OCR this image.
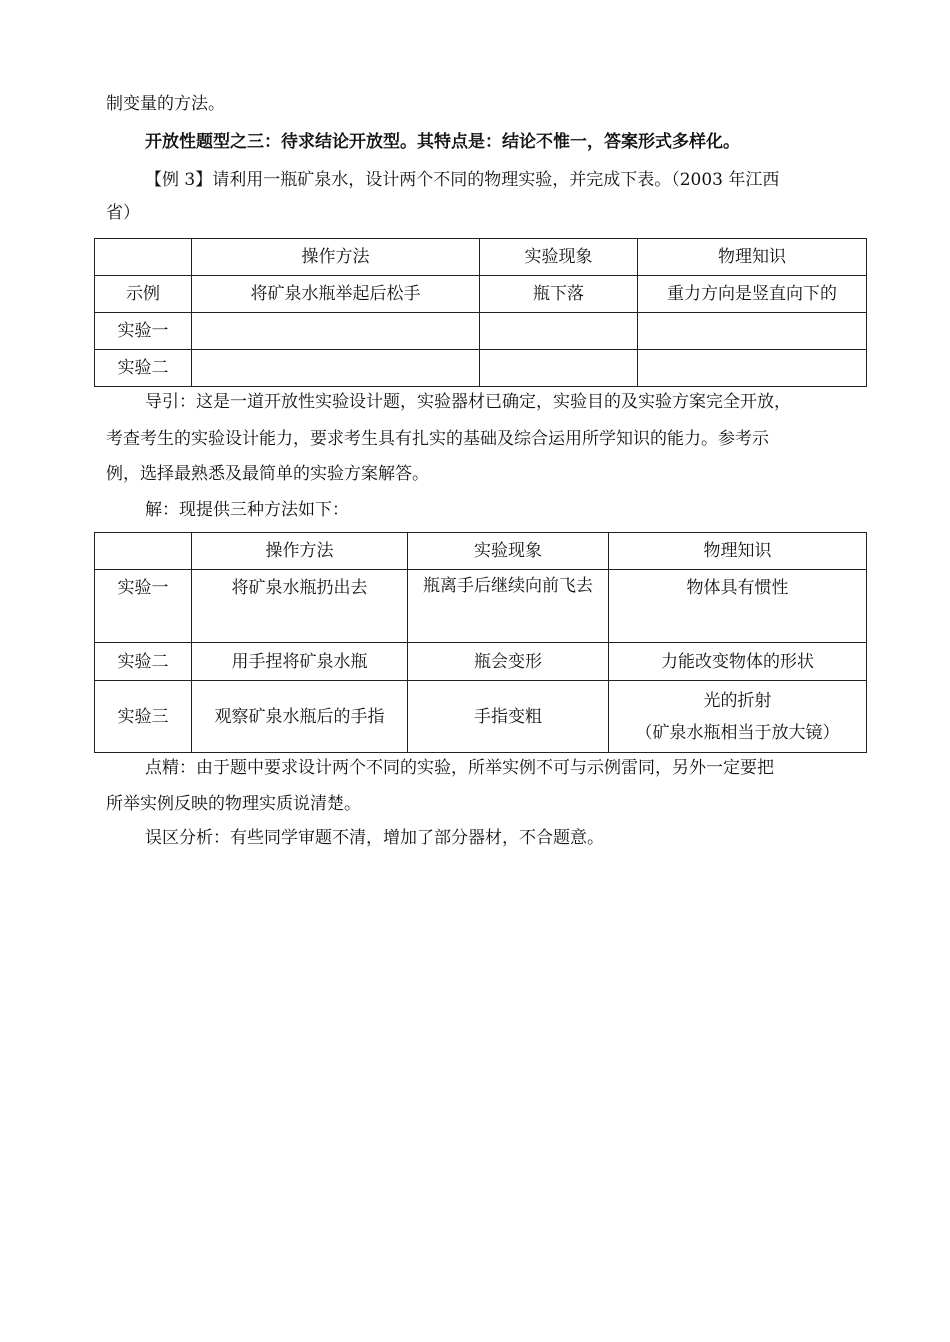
制变量的方法。
开放性题型之三：待求结论开放型。其特点是：结论不惟一，答案形式多样化。
【例 3】请利用一瓶矿泉水，设计两个不同的物理实验，并完成下表。（2003 年江西
省）
	操作方法	实验现象	物理知识
示例	将矿泉水瓶举起后松手	瓶下落	重力方向是竖直向下的
实验一			
实验二			
导引：这是一道开放性实验设计题，实验器材已确定，实验目的及实验方案完全开放，
考查考生的实验设计能力，要求考生具有扎实的基础及综合运用所学知识的能力。参考示
例，选择最熟悉及最简单的实验方案解答。
解：现提供三种方法如下：
	操作方法	实验现象	物理知识
实验一	将矿泉水瓶扔出去	瓶离手后继续向前飞去	物体具有惯性
实验二	用手捏将矿泉水瓶	瓶会变形	力能改变物体的形状
实验三	观察矿泉水瓶后的手指	手指变粗	光的折射
（矿泉水瓶相当于放大镜）
点精：由于题中要求设计两个不同的实验，所举实例不可与示例雷同，另外一定要把
所举实例反映的物理实质说清楚。
误区分析：有些同学审题不清，增加了部分器材，不合题意。
